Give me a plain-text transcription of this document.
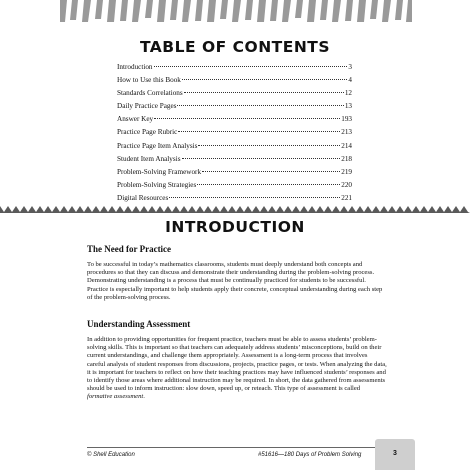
TABLE OF CONTENTS
Introduction	3
How to Use this Book	4
Standards Correlations	12
Daily Practice Pages	13
Answer Key	193
Practice Page Rubric	213
Practice Page Item Analysis	214
Student Item Analysis	218
Problem-Solving Framework	219
Problem-Solving Strategies	220
Digital Resources	221
INTRODUCTION
The Need for Practice
To be successful in today’s mathematics classrooms, students must deeply understand both concepts and procedures so that they can discuss and demonstrate their understanding during the problem-solving process. Demonstrating understanding is a process that must be continually practiced for students to be successful. Practice is especially important to help students apply their concrete, conceptual understanding during each step of the problem-solving process.
Understanding Assessment
In addition to providing opportunities for frequent practice, teachers must be able to assess students’ problem-solving skills. This is important so that teachers can adequately address students’ misconceptions, build on their current understandings, and challenge them appropriately. Assessment is a long-term process that involves careful analysis of student responses from discussions, projects, practice pages, or tests. When analyzing the data, it is important for teachers to reflect on how their teaching practices may have influenced students’ responses and to identify those areas where additional instruction may be required. In short, the data gathered from assessments should be used to inform instruction: slow down, speed up, or reteach. This type of assessment is called formative assessment.
© Shell Education	#51616—180 Days of Problem Solving	3
